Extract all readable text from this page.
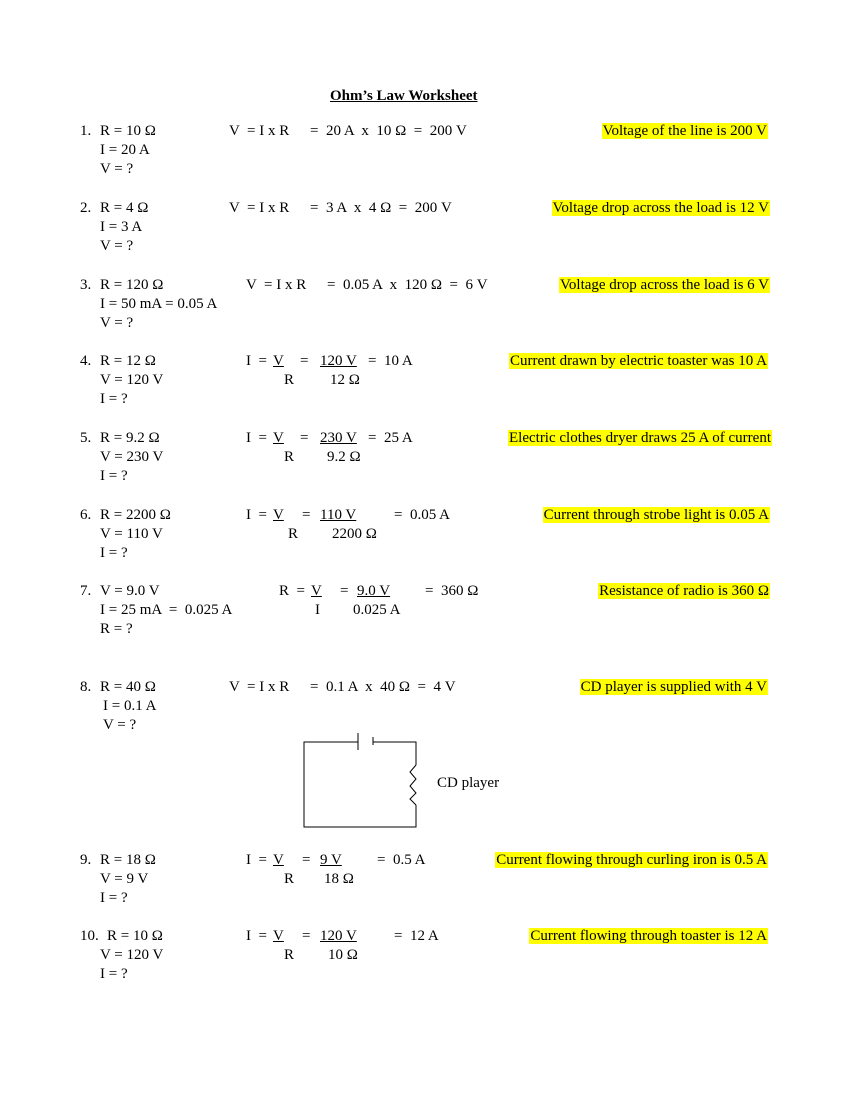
Ohm’s Law Worksheet
1. R = 10 Ω
I = 20 A
V = ?
V  = I x R =  20 A  x  10 Ω  =  200 V	Voltage of the line is 200 V
2. R = 4 Ω
I = 3 A
V = ?
V  = I x R =  3 A  x  4 Ω  =  200 V	Voltage drop across the load is 12 V
3. R = 120 Ω
I = 50 mA = 0.05 A
V = ?
V  = I x R =  0.05 A  x  120 Ω  =  6 V	Voltage drop across the load is 6 V
4. R = 12 Ω
V = 120 V
I = ?
I  = V
R
= 120 V
12 Ω
=  10 A	Current drawn by electric toaster was 10 A
5. R = 9.2 Ω
V = 230 V
I = ?
I  = V
R
= 230 V
9.2 Ω
=  25 A	Electric clothes dryer draws 25 A of current
6. R = 2200 Ω
V = 110 V
I = ?
I  = V
R
= 110 V
2200 Ω
=  0.05 A	Current through strobe light is 0.05 A
7. V = 9.0 V
I = 25 mA  =  0.025 A
R = ?
R  = V
I
= 9.0 V
0.025 A
=  360 Ω	Resistance of radio is 360 Ω
8. R = 40 Ω
I = 0.1 A
V = ?
V  = I x R =  0.1 A  x  40 Ω  =  4 V	CD player is supplied with 4 V
CD player
9. R = 18 Ω
V = 9 V
I = ?
I  = V
R
= 9 V
18 Ω
=  0.5 A	Current flowing through curling iron is 0.5 A
10. R = 10 Ω
V = 120 V
I = ?
I  = V
R
= 120 V
10 Ω
=  12 A	Current flowing through toaster is 12 A
